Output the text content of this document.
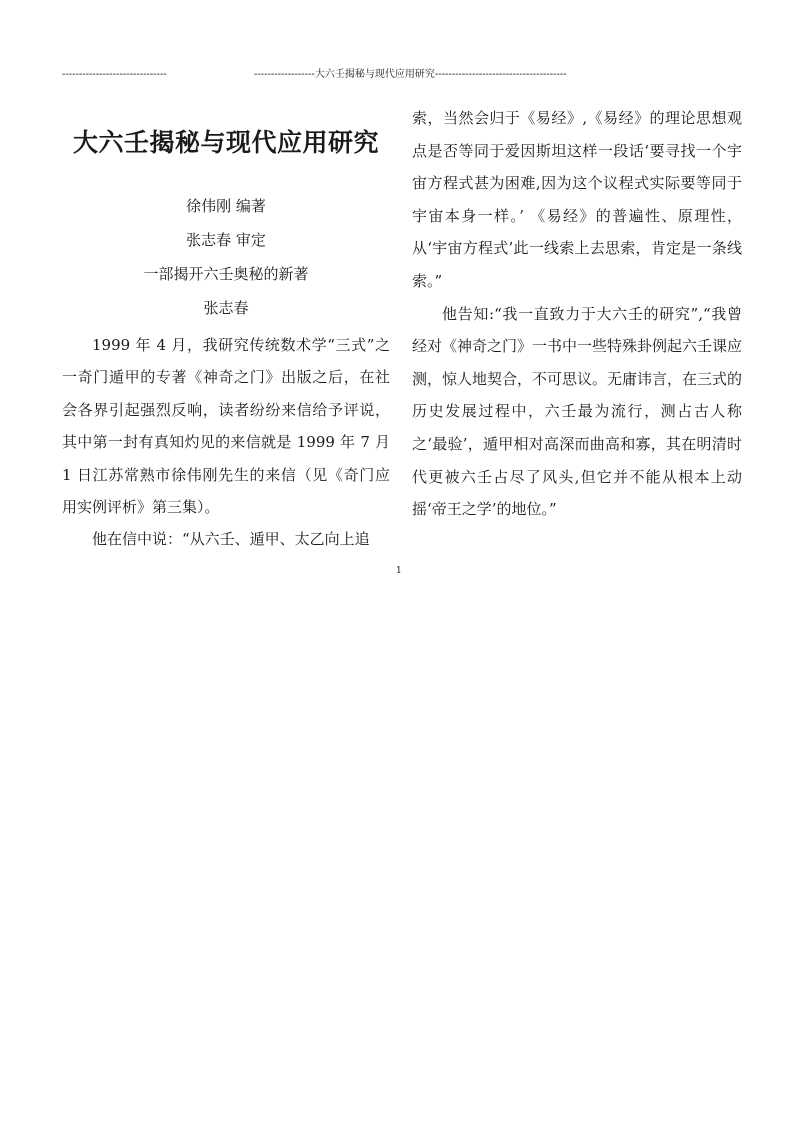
-------------------------------	------------------大六壬揭秘与现代应用研究---------------------------------------
大六壬揭秘与现代应用研究
徐伟刚 编著
张志春 审定
一部揭开六壬奥秘的新著
张志春

1999 年 4 月，我研究传统数术学“三式”之一奇门遁甲的专著《神奇之门》出版之后，在社会各界引起强烈反响，读者纷纷来信给予评说，其中第一封有真知灼见的来信就是 1999 年 7 月 1 日江苏常熟市徐伟刚先生的来信（见《奇门应用实例评析》第三集）。

他在信中说：“从六壬、遁甲、太乙向上追

1

索，当然会归于《易经》,《易经》的理论思想观点是否等同于爱因斯坦这样一段话‘要寻找一个宇宙方程式甚为困难,因为这个议程式实际要等同于宇宙本身一样。’ 《易经》的普遍性、原理性，从‘宇宙方程式’此一线索上去思索，肯定是一条线索。”

他告知:“我一直致力于大六壬的研究”,“我曾经对《神奇之门》一书中一些特殊卦例起六壬课应测，惊人地契合，不可思议。无庸讳言，在三式的历史发展过程中，六壬最为流行，测占古人称之‘最验’，遁甲相对高深而曲高和寡，其在明清时代更被六壬占尽了风头,但它并不能从根本上动摇‘帝王之学’的地位。”
